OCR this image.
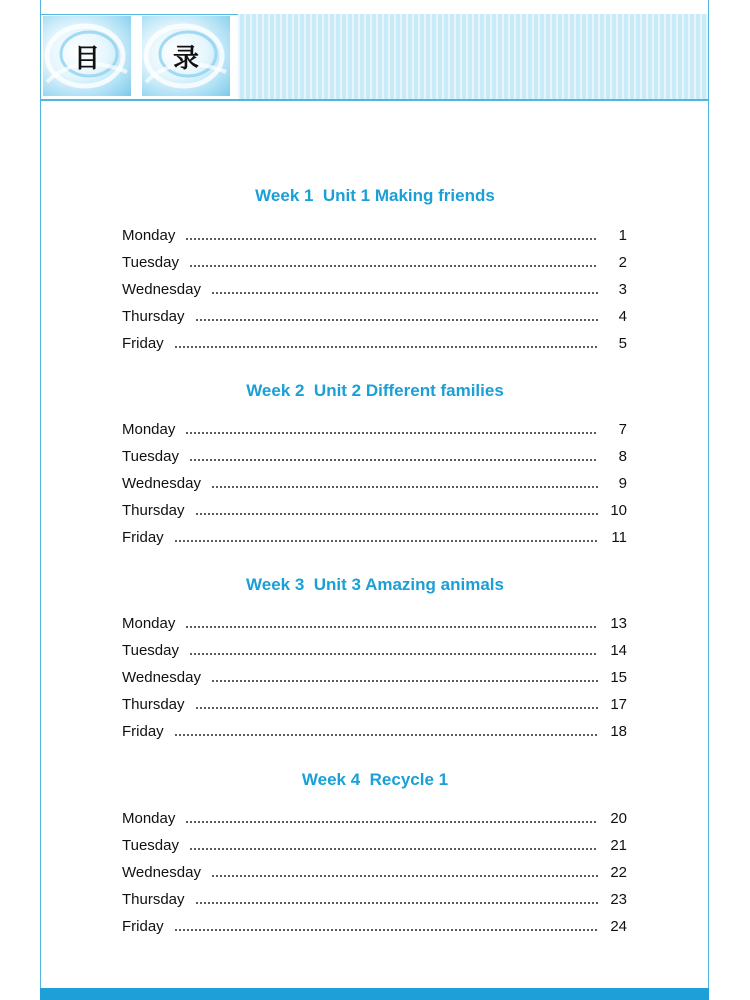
目	录
Week 1  Unit 1 Making friends
Monday	1
Tuesday	2
Wednesday	3
Thursday	4
Friday	5
Week 2  Unit 2 Different families
Monday	7
Tuesday	8
Wednesday	9
Thursday	10
Friday	11
Week 3  Unit 3 Amazing animals
Monday	13
Tuesday	14
Wednesday	15
Thursday	17
Friday	18
Week 4  Recycle 1
Monday	20
Tuesday	21
Wednesday	22
Thursday	23
Friday	24
